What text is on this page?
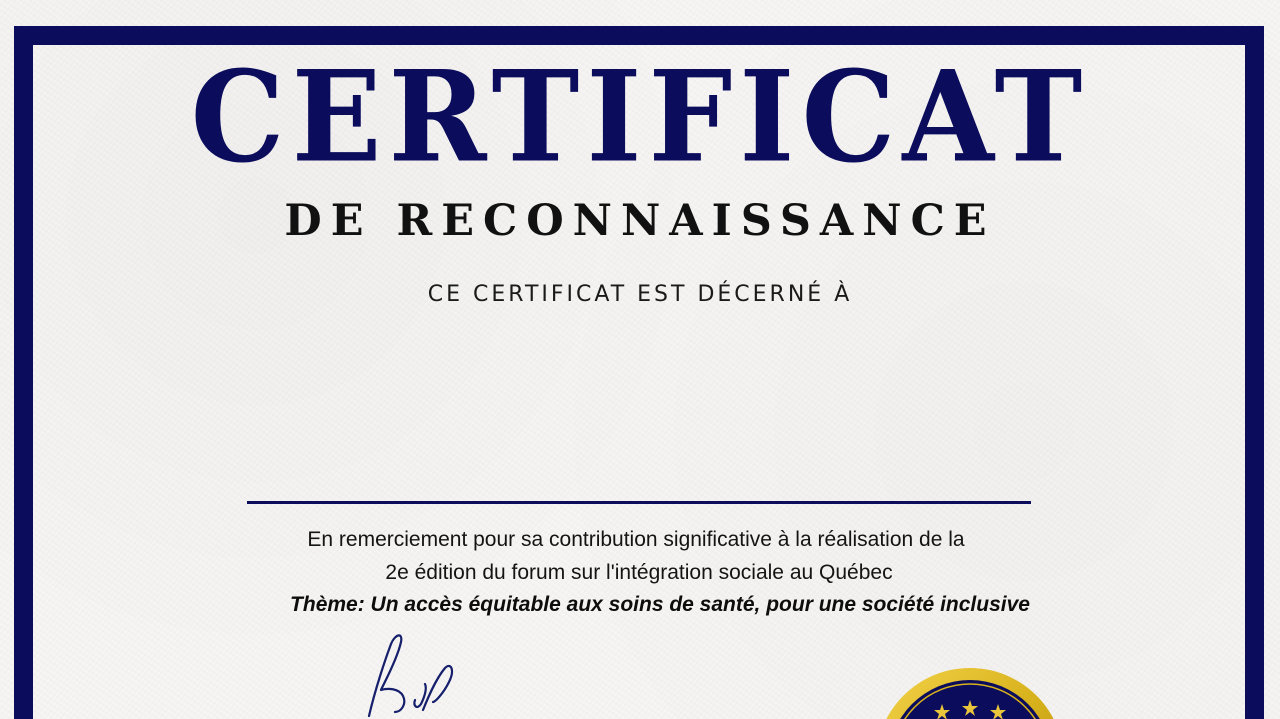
CERTIFICAT
DE RECONNAISSANCE
CE CERTIFICAT EST DÉCERNÉ À
En remerciement pour sa contribution significative à la réalisation de la
2e édition du forum sur l'intégration sociale au Québec
Thème: Un accès équitable aux soins de santé, pour une société inclusive
